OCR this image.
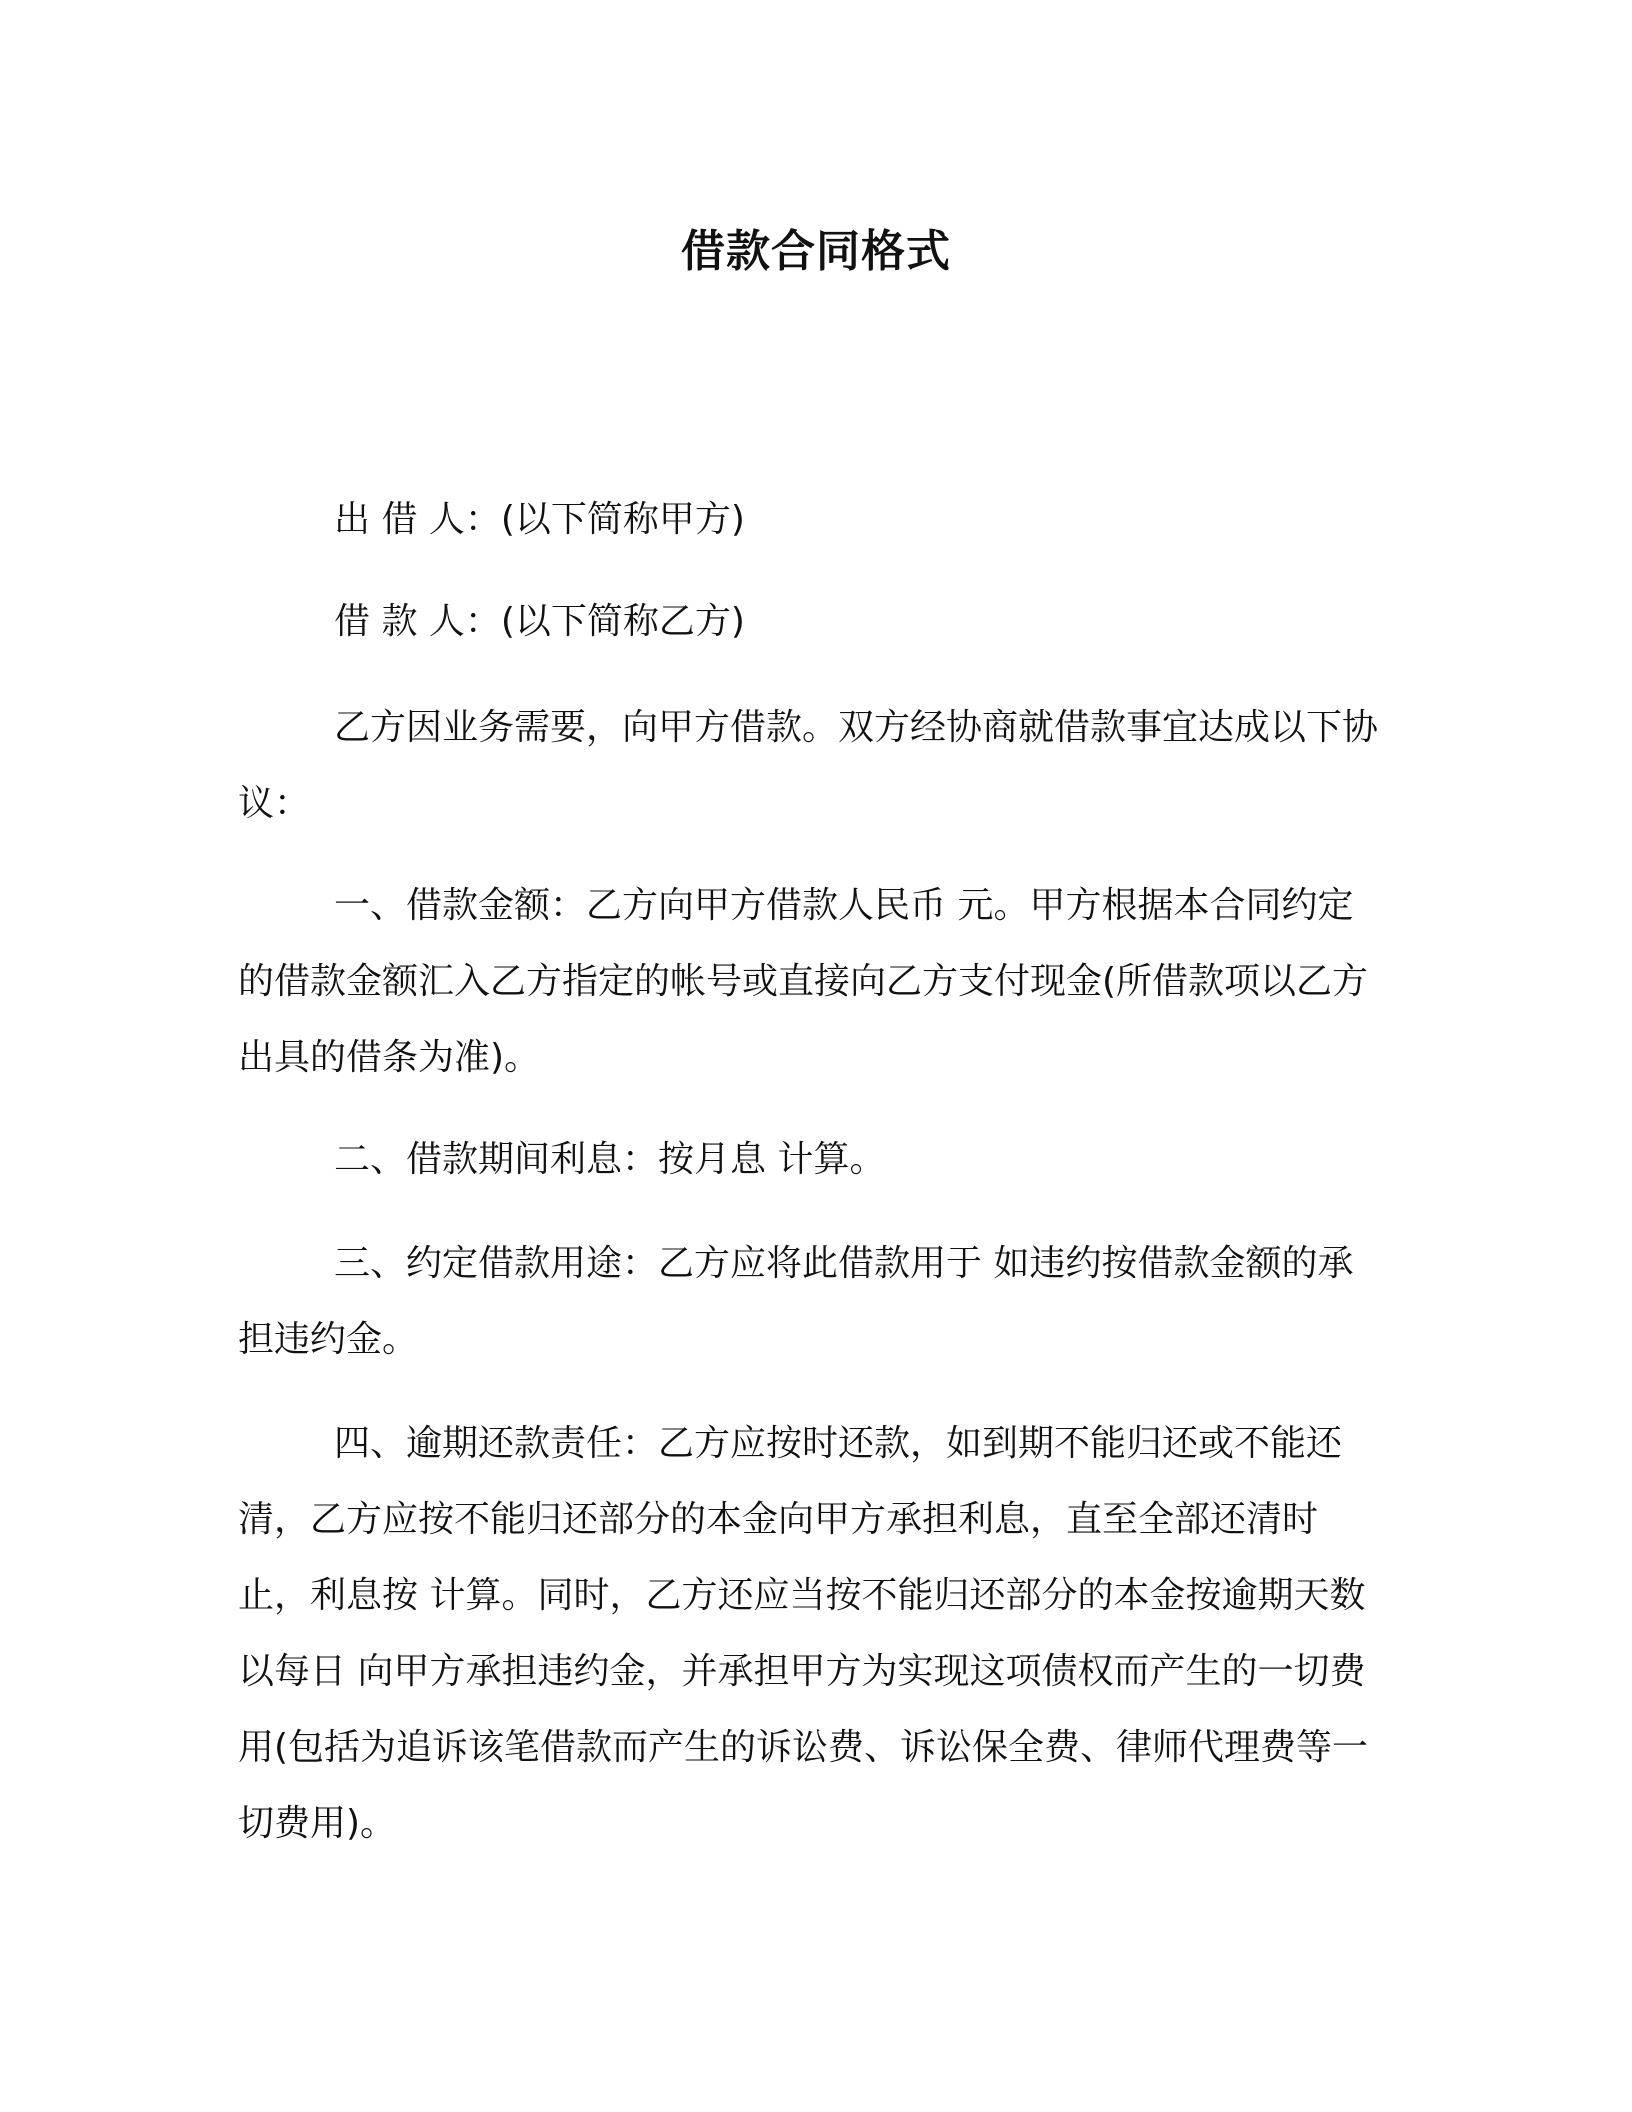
借款合同格式

出 借 人：(以下简称甲方)

借 款 人：(以下简称乙方)

乙方因业务需要，向甲方借款。双方经协商就借款事宜达成以下协议：

一、借款金额：乙方向甲方借款人民币 元。甲方根据本合同约定的借款金额汇入乙方指定的帐号或直接向乙方支付现金(所借款项以乙方出具的借条为准)。

二、借款期间利息：按月息 计算。

三、约定借款用途：乙方应将此借款用于 如违约按借款金额的承担违约金。

四、逾期还款责任：乙方应按时还款，如到期不能归还或不能还清，乙方应按不能归还部分的本金向甲方承担利息，直至全部还清时止，利息按 计算。同时，乙方还应当按不能归还部分的本金按逾期天数以每日 向甲方承担违约金，并承担甲方为实现这项债权而产生的一切费用(包括为追诉该笔借款而产生的诉讼费、诉讼保全费、律师代理费等一切费用)。
